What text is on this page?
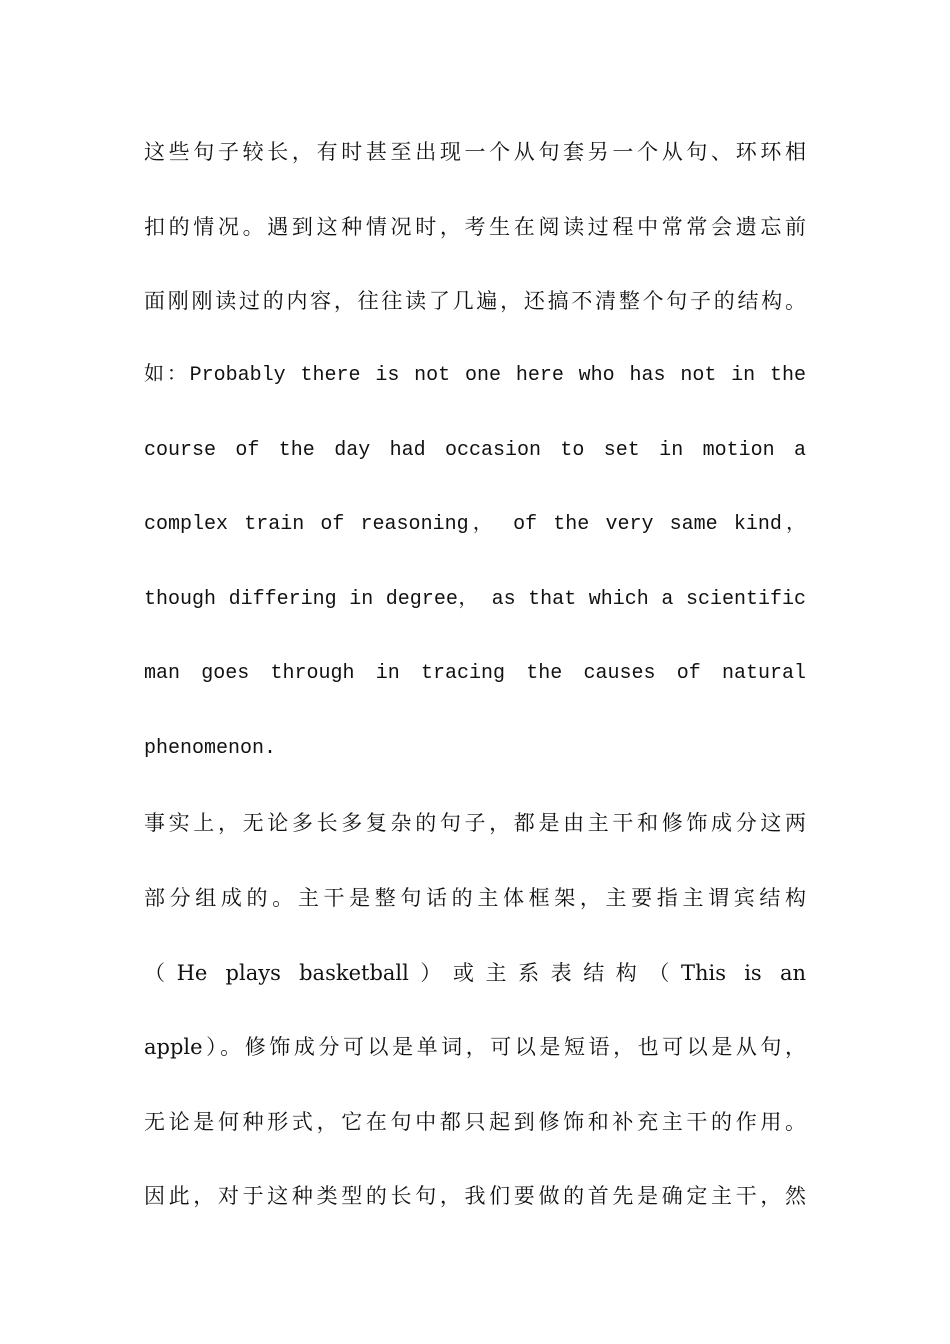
这些句子较长，有时甚至出现一个从句套另一个从句、环环相
扣的情况。遇到这种情况时，考生在阅读过程中常常会遗忘前
面刚刚读过的内容，往往读了几遍，还搞不清整个句子的结构。
如：Probably there is not one here who has not in the
course of the day had occasion to set in motion a
complex train of reasoning， of the very same kind，
though differing in degree， as that which a scientific
man goes through in tracing the causes of natural
phenomenon.
事实上，无论多长多复杂的句子，都是由主干和修饰成分这两
部分组成的。主干是整句话的主体框架，主要指主谓宾结构
（He plays basketball）或主系表结构（This is an
apple）。修饰成分可以是单词，可以是短语，也可以是从句，
无论是何种形式，它在句中都只起到修饰和补充主干的作用。
因此，对于这种类型的长句，我们要做的首先是确定主干，然
